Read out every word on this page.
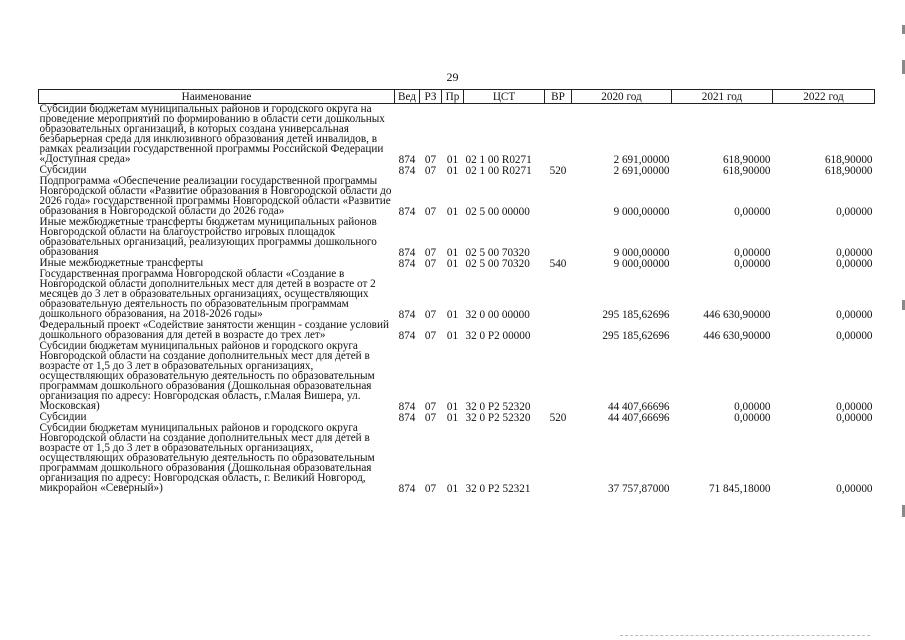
29
Наименование	Вед	РЗ	Пр	ЦСТ	ВР	2020 год	2021 год	2022 год
Субсидии бюджетам муниципальных районов и городского округа на проведение мероприятий по формированию в области сети дошкольных образовательных организаций, в которых создана универсальная безбарьерная среда для инклюзивного образования детей инвалидов, в рамках реализации государственной программы Российской Федерации «Доступная среда»	874	07	01	02 1 00 R0271		2 691,00000	618,90000	618,90000
Субсидии	874	07	01	02 1 00 R0271	520	2 691,00000	618,90000	618,90000
Подпрограмма «Обеспечение реализации государственной программы Новгородской области «Развитие образования в Новгородской области до 2026 года» государственной программы Новгородской области «Развитие образования в Новгородской области до 2026 года»	874	07	01	02 5 00 00000		9 000,00000	0,00000	0,00000
Иные межбюджетные трансферты бюджетам муниципальных районов Новгородской области на благоустройство игровых площадок образовательных организаций, реализующих программы дошкольного образования	874	07	01	02 5 00 70320		9 000,00000	0,00000	0,00000
Иные межбюджетные трансферты	874	07	01	02 5 00 70320	540	9 000,00000	0,00000	0,00000
Государственная программа Новгородской области «Создание в Новгородской области дополнительных мест для детей в возрасте от 2 месяцев до 3 лет в образовательных организациях, осуществляющих образовательную деятельность по образовательным программам дошкольного образования, на 2018-2026 годы»	874	07	01	32 0 00 00000		295 185,62696	446 630,90000	0,00000
Федеральный проект «Содействие занятости женщин - создание условий дошкольного образования для детей в возрасте до трех лет»	874	07	01	32 0 P2 00000		295 185,62696	446 630,90000	0,00000
Субсидии бюджетам муниципальных районов и городского округа Новгородской области на создание дополнительных мест для детей в возрасте от 1,5 до 3 лет в образовательных организациях, осуществляющих образовательную деятельность по образовательным программам дошкольного образования (Дошкольная образовательная организация по адресу: Новгородская область, г.Малая Вишера, ул. Московская)	874	07	01	32 0 P2 52320		44 407,66696	0,00000	0,00000
Субсидии	874	07	01	32 0 P2 52320	520	44 407,66696	0,00000	0,00000
Субсидии бюджетам муниципальных районов и городского округа Новгородской области на создание дополнительных мест для детей в возрасте от 1,5 до 3 лет в образовательных организациях, осуществляющих образовательную деятельность по образовательным программам дошкольного образования (Дошкольная образовательная организация по адресу: Новгородская область, г. Великий Новгород, микрорайон «Северный»)	874	07	01	32 0 P2 52321		37 757,87000	71 845,18000	0,00000
